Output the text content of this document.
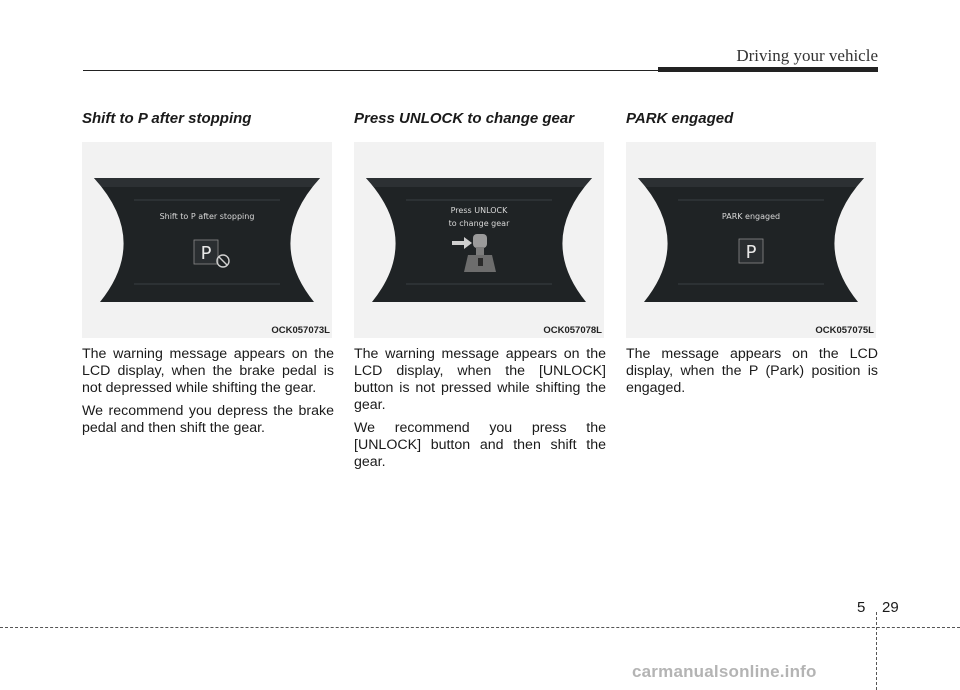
Driving your vehicle
Shift to P after stopping
Shift to P after stopping
P
OCK057073L

The warning message appears on the LCD display, when the brake pedal is not depressed while shifting the gear.

We recommend you depress the brake pedal and then shift the gear.

Press UNLOCK to change gear
Press UNLOCK
to change gear
OCK057078L

The warning message appears on the LCD display, when the [UNLOCK] button is not pressed while shifting the gear.

We recommend you press the [UNLOCK] button and then shift the gear.

PARK engaged
PARK engaged
P
OCK057075L

The message appears on the LCD display, when the P (Park) position is engaged.

5 29
carmanualsonline.info
